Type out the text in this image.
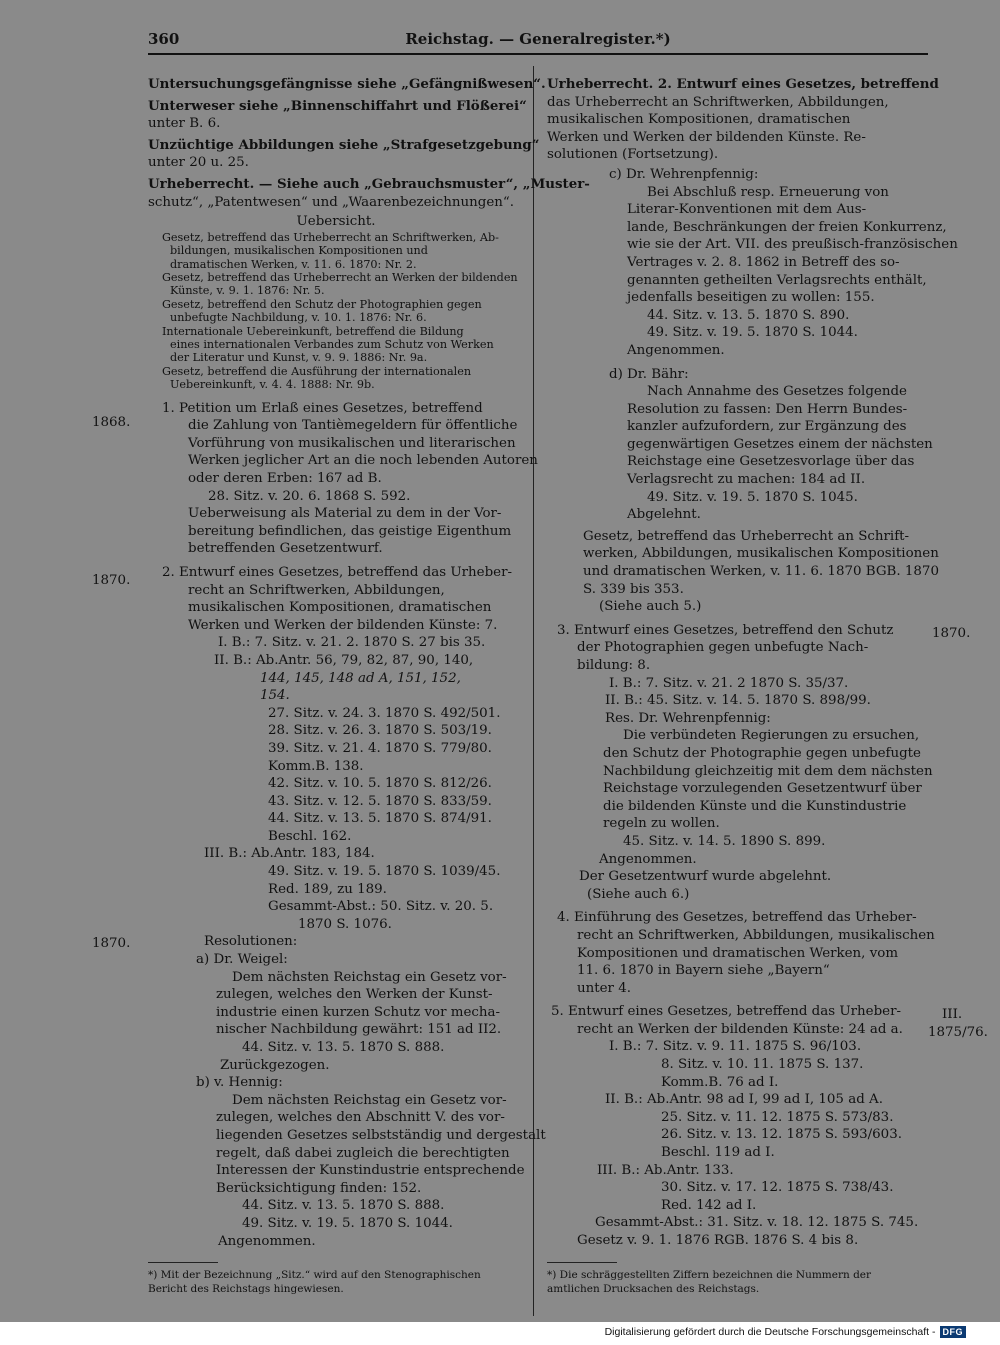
360	Reichstag. — Generalregister.*)
1868.
1870.
1870.
1870.
III.
1875/76.
Untersuchungsgefängnisse siehe „Gefängnißwesen“.
Unterweser siehe „Binnenschiffahrt und Flößerei“
unter B. 6.
Unzüchtige Abbildungen siehe „Strafgesetzgebung“
unter 20 u. 25.
Urheberrecht. — Siehe auch „Gebrauchsmuster“, „Muster-
schutz“, „Patentwesen“ und „Waarenbezeichnungen“.
Uebersicht.
Gesetz, betreffend das Urheberrecht an Schriftwerken, Ab-
bildungen, musikalischen Kompositionen und
dramatischen Werken, v. 11. 6. 1870: Nr. 2.
Gesetz, betreffend das Urheberrecht an Werken der bildenden
Künste, v. 9. 1. 1876: Nr. 5.
Gesetz, betreffend den Schutz der Photographien gegen
unbefugte Nachbildung, v. 10. 1. 1876: Nr. 6.
Internationale Uebereinkunft, betreffend die Bildung
eines internationalen Verbandes zum Schutz von Werken
der Literatur und Kunst, v. 9. 9. 1886: Nr. 9a.
Gesetz, betreffend die Ausführung der internationalen
Uebereinkunft, v. 4. 4. 1888: Nr. 9b.
1. Petition um Erlaß eines Gesetzes, betreffend
die Zahlung von Tantièmegeldern für öffentliche
Vorführung von musikalischen und literarischen
Werken jeglicher Art an die noch lebenden Autoren
oder deren Erben: 167 ad B.
28. Sitz. v. 20. 6. 1868 S. 592.
Ueberweisung als Material zu dem in der Vor-
bereitung befindlichen, das geistige Eigenthum
betreffenden Gesetzentwurf.
2. Entwurf eines Gesetzes, betreffend das Urheber-
recht an Schriftwerken, Abbildungen,
musikalischen Kompositionen, dramatischen
Werken und Werken der bildenden Künste: 7.
I. B.: 7. Sitz. v. 21. 2. 1870 S. 27 bis 35.
II. B.: Ab.Antr. 56, 79, 82, 87, 90, 140,
144, 145, 148 ad A, 151, 152,
154.
27. Sitz. v. 24. 3. 1870 S. 492/501.
28. Sitz. v. 26. 3. 1870 S. 503/19.
39. Sitz. v. 21. 4. 1870 S. 779/80.
Komm.B. 138.
42. Sitz. v. 10. 5. 1870 S. 812/26.
43. Sitz. v. 12. 5. 1870 S. 833/59.
44. Sitz. v. 13. 5. 1870 S. 874/91.
Beschl. 162.
III. B.: Ab.Antr. 183, 184.
49. Sitz. v. 19. 5. 1870 S. 1039/45.
Red. 189, zu 189.
Gesammt-Abst.: 50. Sitz. v. 20. 5.
1870 S. 1076.
Resolutionen:
a) Dr. Weigel:
Dem nächsten Reichstag ein Gesetz vor-
zulegen, welches den Werken der Kunst-
industrie einen kurzen Schutz vor mecha-
nischer Nachbildung gewährt: 151 ad II2.
44. Sitz. v. 13. 5. 1870 S. 888.
Zurückgezogen.
b) v. Hennig:
Dem nächsten Reichstag ein Gesetz vor-
zulegen, welches den Abschnitt V. des vor-
liegenden Gesetzes selbstständig und dergestalt
regelt, daß dabei zugleich die berechtigten
Interessen der Kunstindustrie entsprechende
Berücksichtigung finden: 152.
44. Sitz. v. 13. 5. 1870 S. 888.
49. Sitz. v. 19. 5. 1870 S. 1044.
Angenommen.
Urheberrecht. 2. Entwurf eines Gesetzes, betreffend
das Urheberrecht an Schriftwerken, Abbildungen,
musikalischen Kompositionen, dramatischen
Werken und Werken der bildenden Künste. Re-
solutionen (Fortsetzung).
c) Dr. Wehrenpfennig:
Bei Abschluß resp. Erneuerung von
Literar-Konventionen mit dem Aus-
lande, Beschränkungen der freien Konkurrenz,
wie sie der Art. VII. des preußisch-französischen
Vertrages v. 2. 8. 1862 in Betreff des so-
genannten getheilten Verlagsrechts enthält,
jedenfalls beseitigen zu wollen: 155.
44. Sitz. v. 13. 5. 1870 S. 890.
49. Sitz. v. 19. 5. 1870 S. 1044.
Angenommen.
d) Dr. Bähr:
Nach Annahme des Gesetzes folgende
Resolution zu fassen: Den Herrn Bundes-
kanzler aufzufordern, zur Ergänzung des
gegenwärtigen Gesetzes einem der nächsten
Reichstage eine Gesetzesvorlage über das
Verlagsrecht zu machen: 184 ad II.
49. Sitz. v. 19. 5. 1870 S. 1045.
Abgelehnt.
Gesetz, betreffend das Urheberrecht an Schrift-
werken, Abbildungen, musikalischen Kompositionen
und dramatischen Werken, v. 11. 6. 1870 BGB. 1870
S. 339 bis 353.
(Siehe auch 5.)
3. Entwurf eines Gesetzes, betreffend den Schutz
der Photographien gegen unbefugte Nach-
bildung: 8.
I. B.: 7. Sitz. v. 21. 2 1870 S. 35/37.
II. B.: 45. Sitz. v. 14. 5. 1870 S. 898/99.
Res. Dr. Wehrenpfennig:
Die verbündeten Regierungen zu ersuchen,
den Schutz der Photographie gegen unbefugte
Nachbildung gleichzeitig mit dem dem nächsten
Reichstage vorzulegenden Gesetzentwurf über
die bildenden Künste und die Kunstindustrie
regeln zu wollen.
45. Sitz. v. 14. 5. 1890 S. 899.
Angenommen.
Der Gesetzentwurf wurde abgelehnt.
(Siehe auch 6.)
4. Einführung des Gesetzes, betreffend das Urheber-
recht an Schriftwerken, Abbildungen, musikalischen
Kompositionen und dramatischen Werken, vom
11. 6. 1870 in Bayern siehe „Bayern“
unter 4.
5. Entwurf eines Gesetzes, betreffend das Urheber-
recht an Werken der bildenden Künste: 24 ad a.
I. B.: 7. Sitz. v. 9. 11. 1875 S. 96/103.
8. Sitz. v. 10. 11. 1875 S. 137.
Komm.B. 76 ad I.
II. B.: Ab.Antr. 98 ad I, 99 ad I, 105 ad A.
25. Sitz. v. 11. 12. 1875 S. 573/83.
26. Sitz. v. 13. 12. 1875 S. 593/603.
Beschl. 119 ad I.
III. B.: Ab.Antr. 133.
30. Sitz. v. 17. 12. 1875 S. 738/43.
Red. 142 ad I.
Gesammt-Abst.: 31. Sitz. v. 18. 12. 1875 S. 745.
Gesetz v. 9. 1. 1876 RGB. 1876 S. 4 bis 8.
*) Mit der Bezeichnung „Sitz.“ wird auf den Stenographischen Bericht des Reichstags hingewiesen.
*) Die schräggestellten Ziffern bezeichnen die Nummern der amtlichen Drucksachen des Reichstags.
Digitalisierung gefördert durch die Deutsche Forschungsgemeinschaft - DFG
